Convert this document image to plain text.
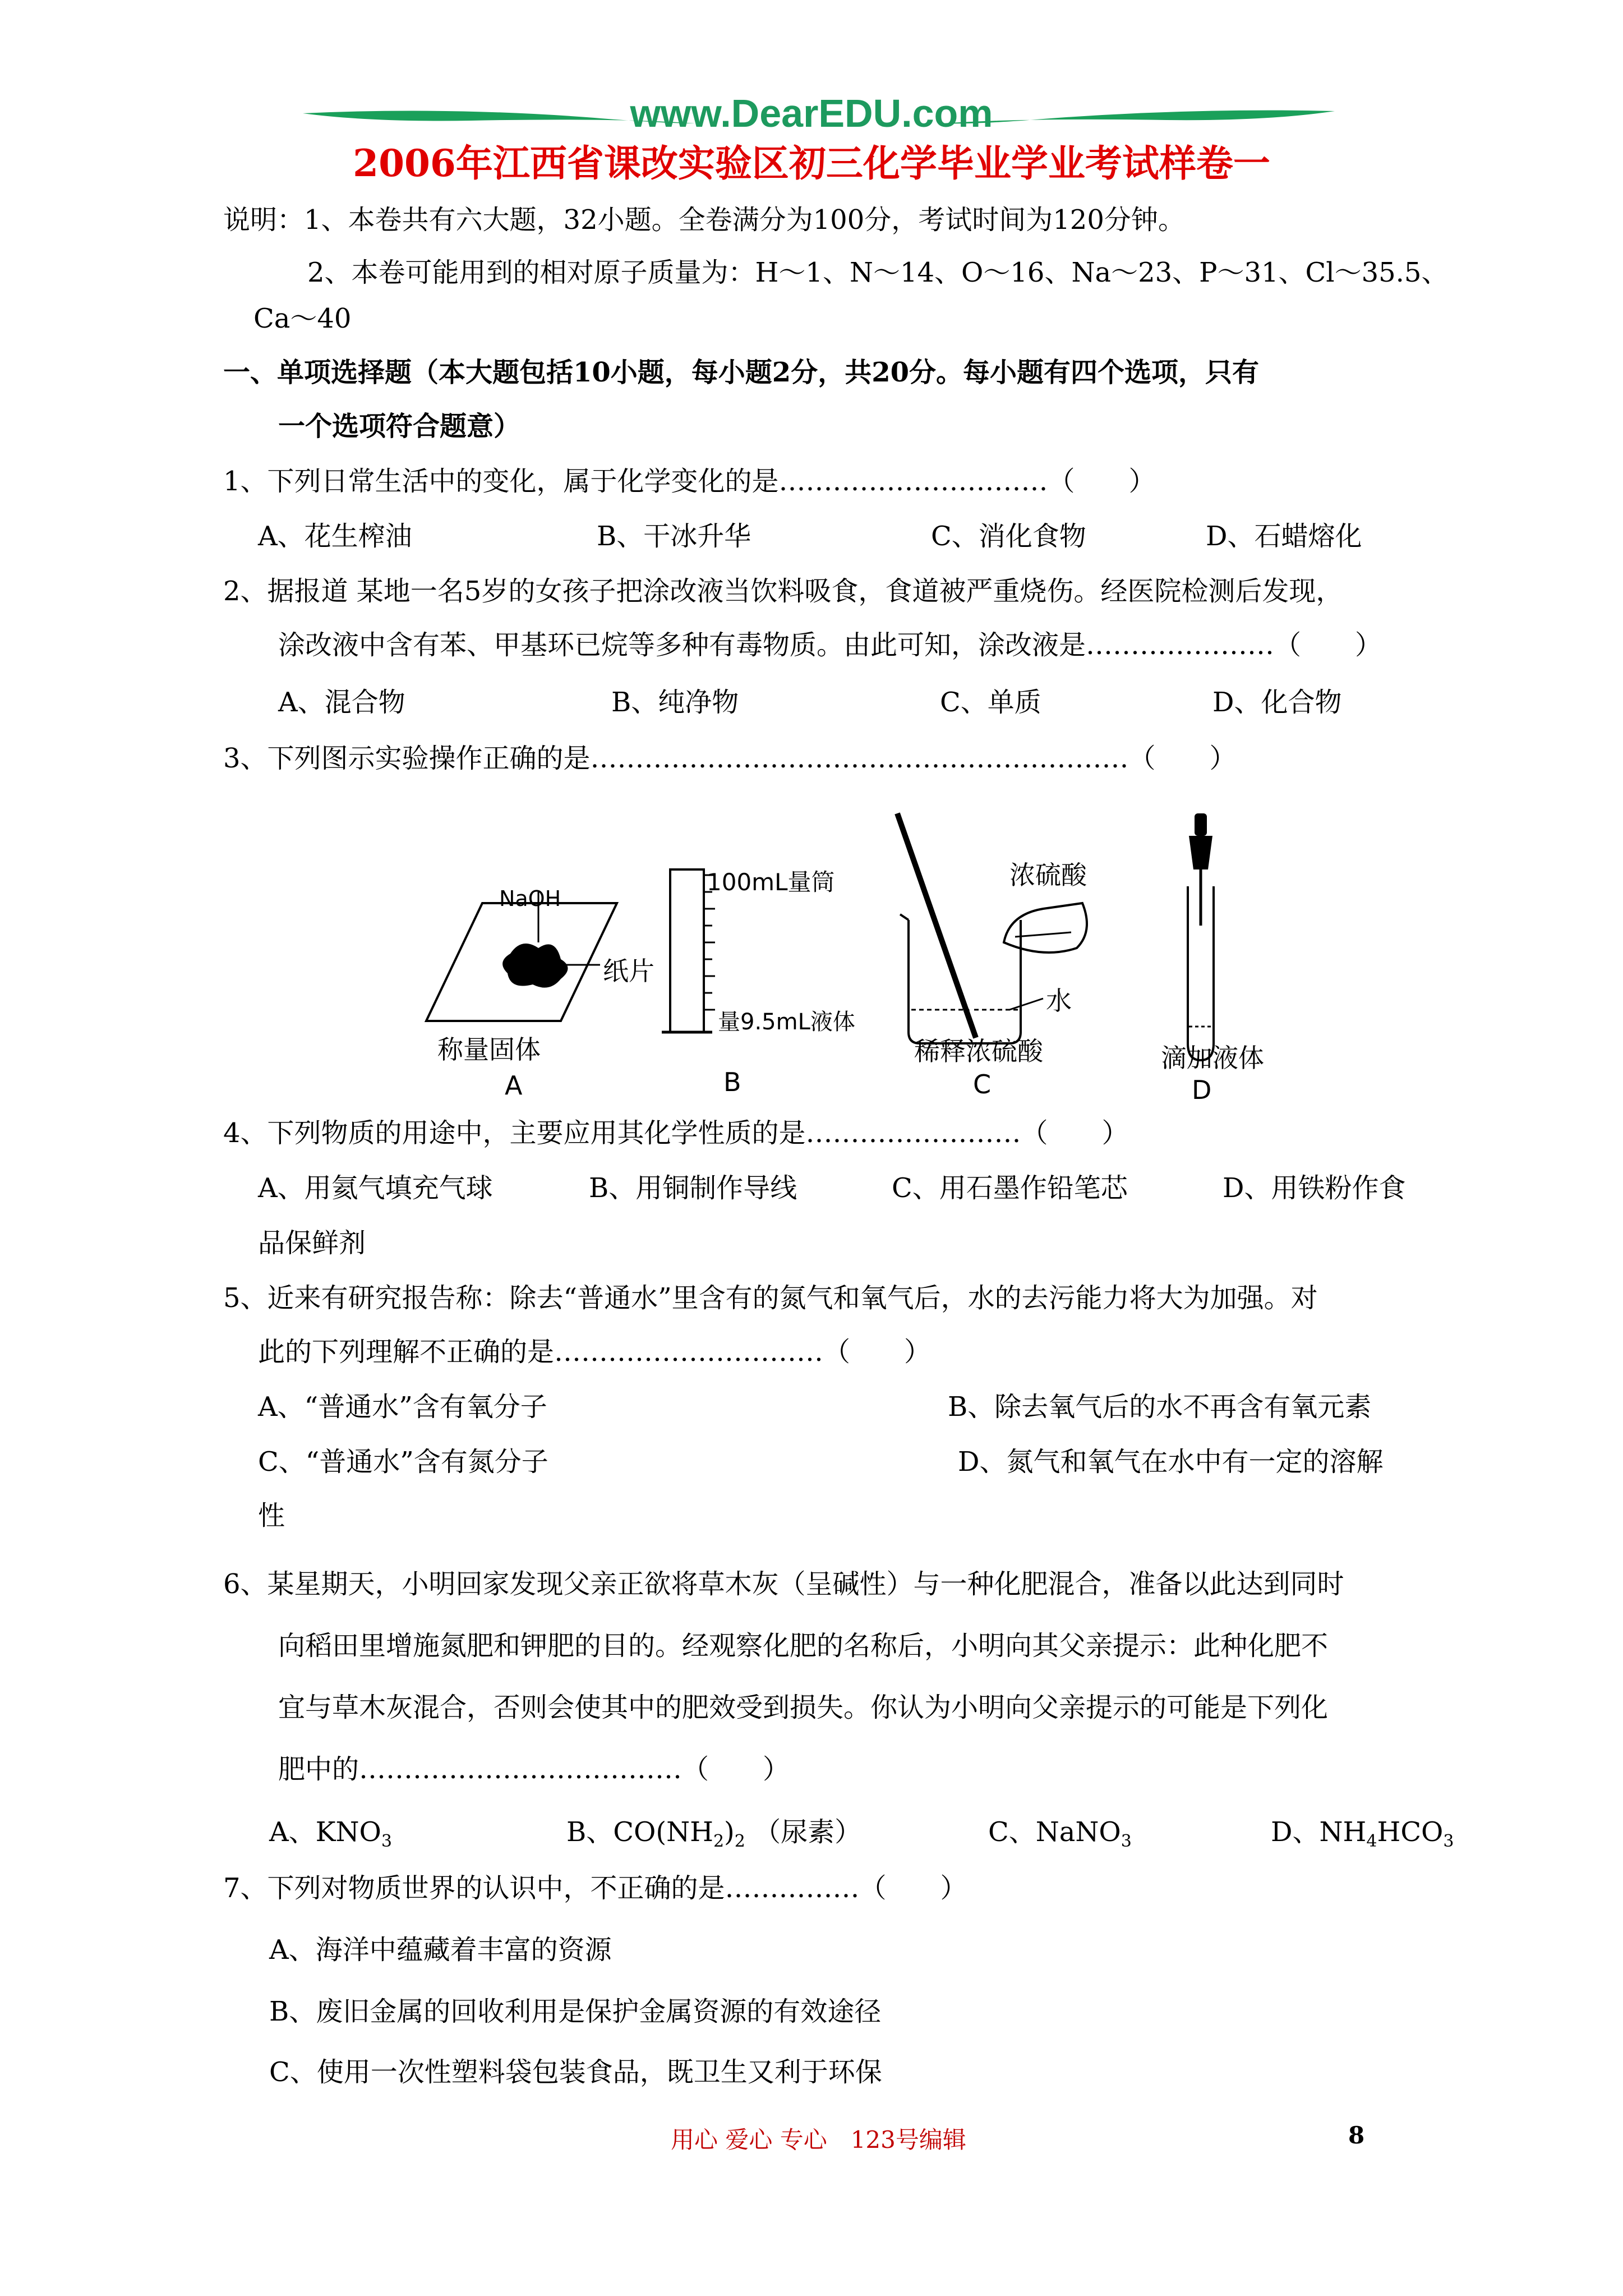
www.DearEDU.com
2006年江西省课改实验区初三化学毕业学业考试样卷一
说明：1、本卷共有六大题，32小题。全卷满分为100分，考试时间为120分钟。
2、本卷可能用到的相对原子质量为：H～1、N～14、O～16、Na～23、P～31、Cl～35.5、
Ca～40
一、单项选择题（本大题包括10小题，每小题2分，共20分。每小题有四个选项，只有
一个选项符合题意）
1、下列日常生活中的变化，属于化学变化的是…………………………（　　）
A、花生榨油	B、干冰升华	C、消化食物	D、石蜡熔化
2、据报道 某地一名5岁的女孩子把涂改液当饮料吸食，食道被严重烧伤。经医院检测后发现，
涂改液中含有苯、甲基环已烷等多种有毒物质。由此可知，涂改液是…………………（　　）
A、混合物	B、纯净物	C、单质	D、化合物
3、下列图示实验操作正确的是……………………………………………………（　　）
NaOH
纸片
称量固体
A
100mL量筒
量9.5mL液体
B
浓硫酸
水
稀释浓硫酸
C
滴加液体
D
4、下列物质的用途中，主要应用其化学性质的是……………………（　　）
A、用氦气填充气球	B、用铜制作导线	C、用石墨作铅笔芯	D、用铁粉作食
品保鲜剂
5、近来有研究报告称：除去“普通水”里含有的氮气和氧气后，水的去污能力将大为加强。对
此的下列理解不正确的是…………………………（　　）
A、“普通水”含有氧分子	B、除去氧气后的水不再含有氧元素
C、“普通水”含有氮分子	D、氮气和氧气在水中有一定的溶解
性
6、某星期天，小明回家发现父亲正欲将草木灰（呈碱性）与一种化肥混合，准备以此达到同时
向稻田里增施氮肥和钾肥的目的。经观察化肥的名称后，小明向其父亲提示：此种化肥不
宜与草木灰混合，否则会使其中的肥效受到损失。你认为小明向父亲提示的可能是下列化
肥中的………………………………（　　）
A、$KNO_3$	B、$CO(NH_2)_2$ （尿素）	C、NaNO$_3$	D、$NH_4HCO_3$
7、下列对物质世界的认识中，不正确的是……………（　　）
A、海洋中蕴藏着丰富的资源
B、废旧金属的回收利用是保护金属资源的有效途径
C、使用一次性塑料袋包装食品，既卫生又利于环保
用心 爱心 专心　123号编辑	8
